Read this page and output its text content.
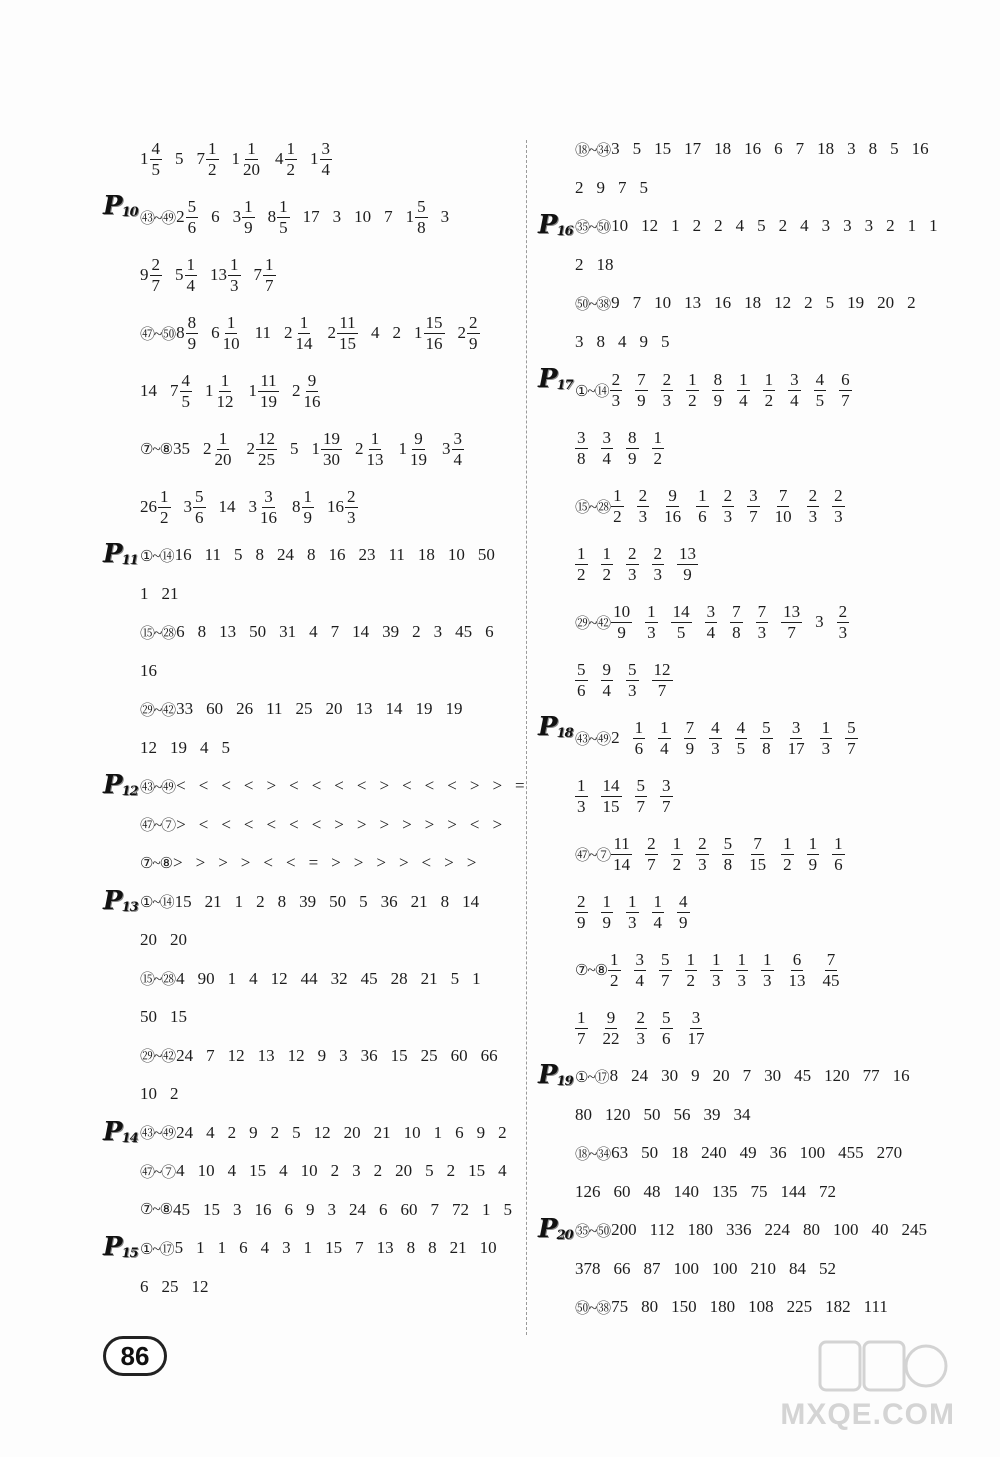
$1 \frac{4}{5} 5$ $7 \frac{1}{2} 1 \frac{1}{20} 4 \frac{1}{2} 1 \frac{3}{4}$
$P_{10}$ ㊸~㊾ $2 \frac{5}{6} 6$ $3 \frac{1}{9} 8 \frac{1}{5} 17$ 3 10 7 $1 \frac{5}{8} 3$
$9 \frac{2}{7} 5 \frac{1}{4} 13 \frac{1}{3} 7 \frac{1}{7}$
㊼~㊿ $8 \frac{8}{9} 6 \frac{1}{10} 11$ $2 \frac{1}{14} 2 \frac{11}{15} 4$ 2 $1 \frac{15}{16} 2 \frac{2}{9}$
14 $7 \frac{4}{5} 1 \frac{1}{12} 1 \frac{11}{19} 2 \frac{9}{16}$
⑦~⑧ 35 $2 \frac{1}{20} 2 \frac{12}{25} 5$ $1 \frac{19}{30} 2 \frac{1}{13} 1 \frac{9}{19} 3 \frac{3}{4}$
$26 \frac{1}{2} 3 \frac{5}{6} 14$ $3 \frac{3}{16} 8 \frac{1}{9} 16 \frac{2}{3}$
$P_{11}$ ①~⑭ 16 11 5 8 24 8 16 23 11 18 10 50
1 21
⑮~㉘ 6 8 13 50 31 4 7 14 39 2 3 45 6
16
㉙~㊷ 33 60 26 11 25 20 13 14 19 19
12 19 4 5
$P_{12}$ ㊸~㊾ < < < < > < < < < > < < < > > =
㊼~⑦ > < < < < < < > > > > > > < >
⑦~⑧ > > > > < < = > > > > < > >
$P_{13}$ ①~⑭ 15 21 1 2 8 39 50 5 36 21 8 14
20 20
⑮~㉘ 4 90 1 4 12 44 32 45 28 21 5 1
50 15
㉙~㊷ 24 7 12 13 12 9 3 36 15 25 60 66
10 2
$P_{14}$ ㊸~㊾ 24 4 2 9 2 5 12 20 21 10 1 6 9 2
㊼~⑦ 4 10 4 15 4 10 2 3 2 20 5 2 15 4
⑦~⑧ 45 15 3 16 6 9 3 24 6 60 7 72 1 5
$P_{15}$ ①~⑰ 5 1 1 6 4 3 1 15 7 13 8 8 21 10
6 25 12
⑱~㉞ 3 5 15 17 18 16 6 7 18 3 8 5 16
2 9 7 5
$P_{16}$ ㉟~㊿ 10 12 1 2 2 4 5 2 4 3 3 3 2 1 1
2 18
㊿~㊳ 9 7 10 13 16 18 12 2 5 19 20 2
3 8 4 9 5
$P_{17}$ ①~⑭ $\frac{2}{3} \frac{7}{9} \frac{2}{3} \frac{1}{2} \frac{8}{9} \frac{1}{4} \frac{1}{2} \frac{3}{4} \frac{4}{5} \frac{6}{7}$
$\frac{3}{8} \frac{3}{4} \frac{8}{9} \frac{1}{2}$
⑮~㉘ $\frac{1}{2} \frac{2}{3} \frac{9}{16} \frac{1}{6} \frac{2}{3} \frac{3}{7} \frac{7}{10} \frac{2}{3} \frac{2}{3}$
$\frac{1}{2} \frac{1}{2} \frac{2}{3} \frac{2}{3} \frac{13}{9}$
㉙~㊷ $\frac{10}{9} \frac{1}{3} \frac{14}{5} \frac{3}{4} \frac{7}{8} \frac{7}{3} \frac{13}{7} 3 \frac{2}{3}$
$\frac{5}{6} \frac{9}{4} \frac{5}{3} \frac{12}{7}$
$P_{18}$ ㊸~㊾ $2 \frac{1}{6} \frac{1}{4} \frac{7}{9} \frac{4}{3} \frac{4}{5} \frac{5}{8} \frac{3}{17} \frac{1}{3} \frac{5}{7}$
$\frac{1}{3} \frac{14}{15} \frac{5}{7} \frac{3}{7}$
㊼~⑦ $\frac{11}{14} \frac{2}{7} \frac{1}{2} \frac{2}{3} \frac{5}{8} \frac{7}{15} \frac{1}{2} \frac{1}{9} \frac{1}{6}$
$\frac{2}{9} \frac{1}{9} \frac{1}{3} \frac{1}{4} \frac{4}{9}$
⑦~⑧ $\frac{1}{2} \frac{3}{4} \frac{5}{7} \frac{1}{2} \frac{1}{3} \frac{1}{3} \frac{1}{3} \frac{6}{13} \frac{7}{45}$
$\frac{1}{7} \frac{9}{22} \frac{2}{3} \frac{5}{6} \frac{3}{17}$
$P_{19}$ ①~⑰ 8 24 30 9 20 7 30 45 120 77 16
80 120 50 56 39 34
⑱~㉞ 63 50 18 240 49 36 100 455 270
126 60 48 140 135 75 144 72
$P_{20}$ ㉟~㊿ 200 112 180 336 224 80 100 40 245
378 66 87 100 100 210 84 52
㊿~㊳ 75 80 150 180 108 225 182 111
MXQE.COM
86
